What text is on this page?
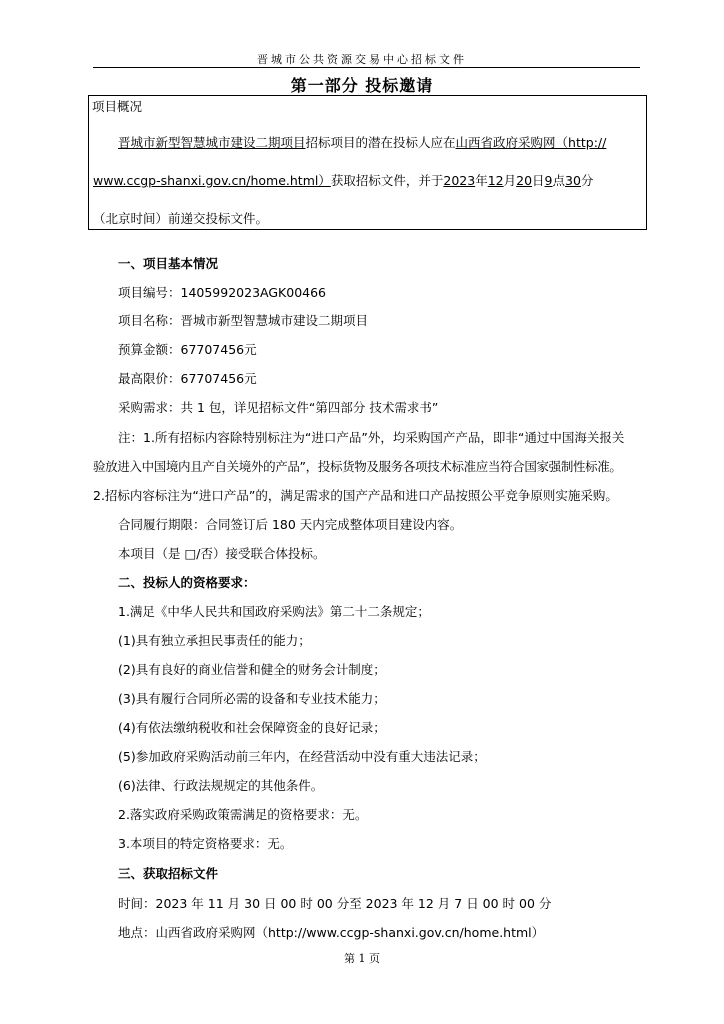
晋城市公共资源交易中心招标文件
第一部分 投标邀请
项目概况
晋城市新型智慧城市建设二期项目招标项目的潜在投标人应在山西省政府采购网（http://
www.ccgp-shanxi.gov.cn/home.html）获取招标文件，并于2023年12月20日9点30分
（北京时间）前递交投标文件。
一、项目基本情况
项目编号：1405992023AGK00466
项目名称：晋城市新型智慧城市建设二期项目
预算金额：67707456元
最高限价：67707456元
采购需求：共 1 包，详见招标文件“第四部分 技术需求书”
注：1.所有招标内容除特别标注为“进口产品”外，均采购国产产品，即非“通过中国海关报关
验放进入中国境内且产自关境外的产品”，投标货物及服务各项技术标准应当符合国家强制性标准。
2.招标内容标注为“进口产品”的，满足需求的国产产品和进口产品按照公平竞争原则实施采购。
合同履行期限：合同签订后 180 天内完成整体项目建设内容。
本项目（是 □/否）接受联合体投标。
二、投标人的资格要求：
1.满足《中华人民共和国政府采购法》第二十二条规定；
(1)具有独立承担民事责任的能力；
(2)具有良好的商业信誉和健全的财务会计制度；
(3)具有履行合同所必需的设备和专业技术能力；
(4)有依法缴纳税收和社会保障资金的良好记录；
(5)参加政府采购活动前三年内，在经营活动中没有重大违法记录；
(6)法律、行政法规规定的其他条件。
2.落实政府采购政策需满足的资格要求：无。
3.本项目的特定资格要求：无。
三、获取招标文件
时间：2023 年 11 月 30 日 00 时 00 分至 2023 年 12 月 7 日 00 时 00 分
地点：山西省政府采购网（http://www.ccgp-shanxi.gov.cn/home.html）
第 1 页
